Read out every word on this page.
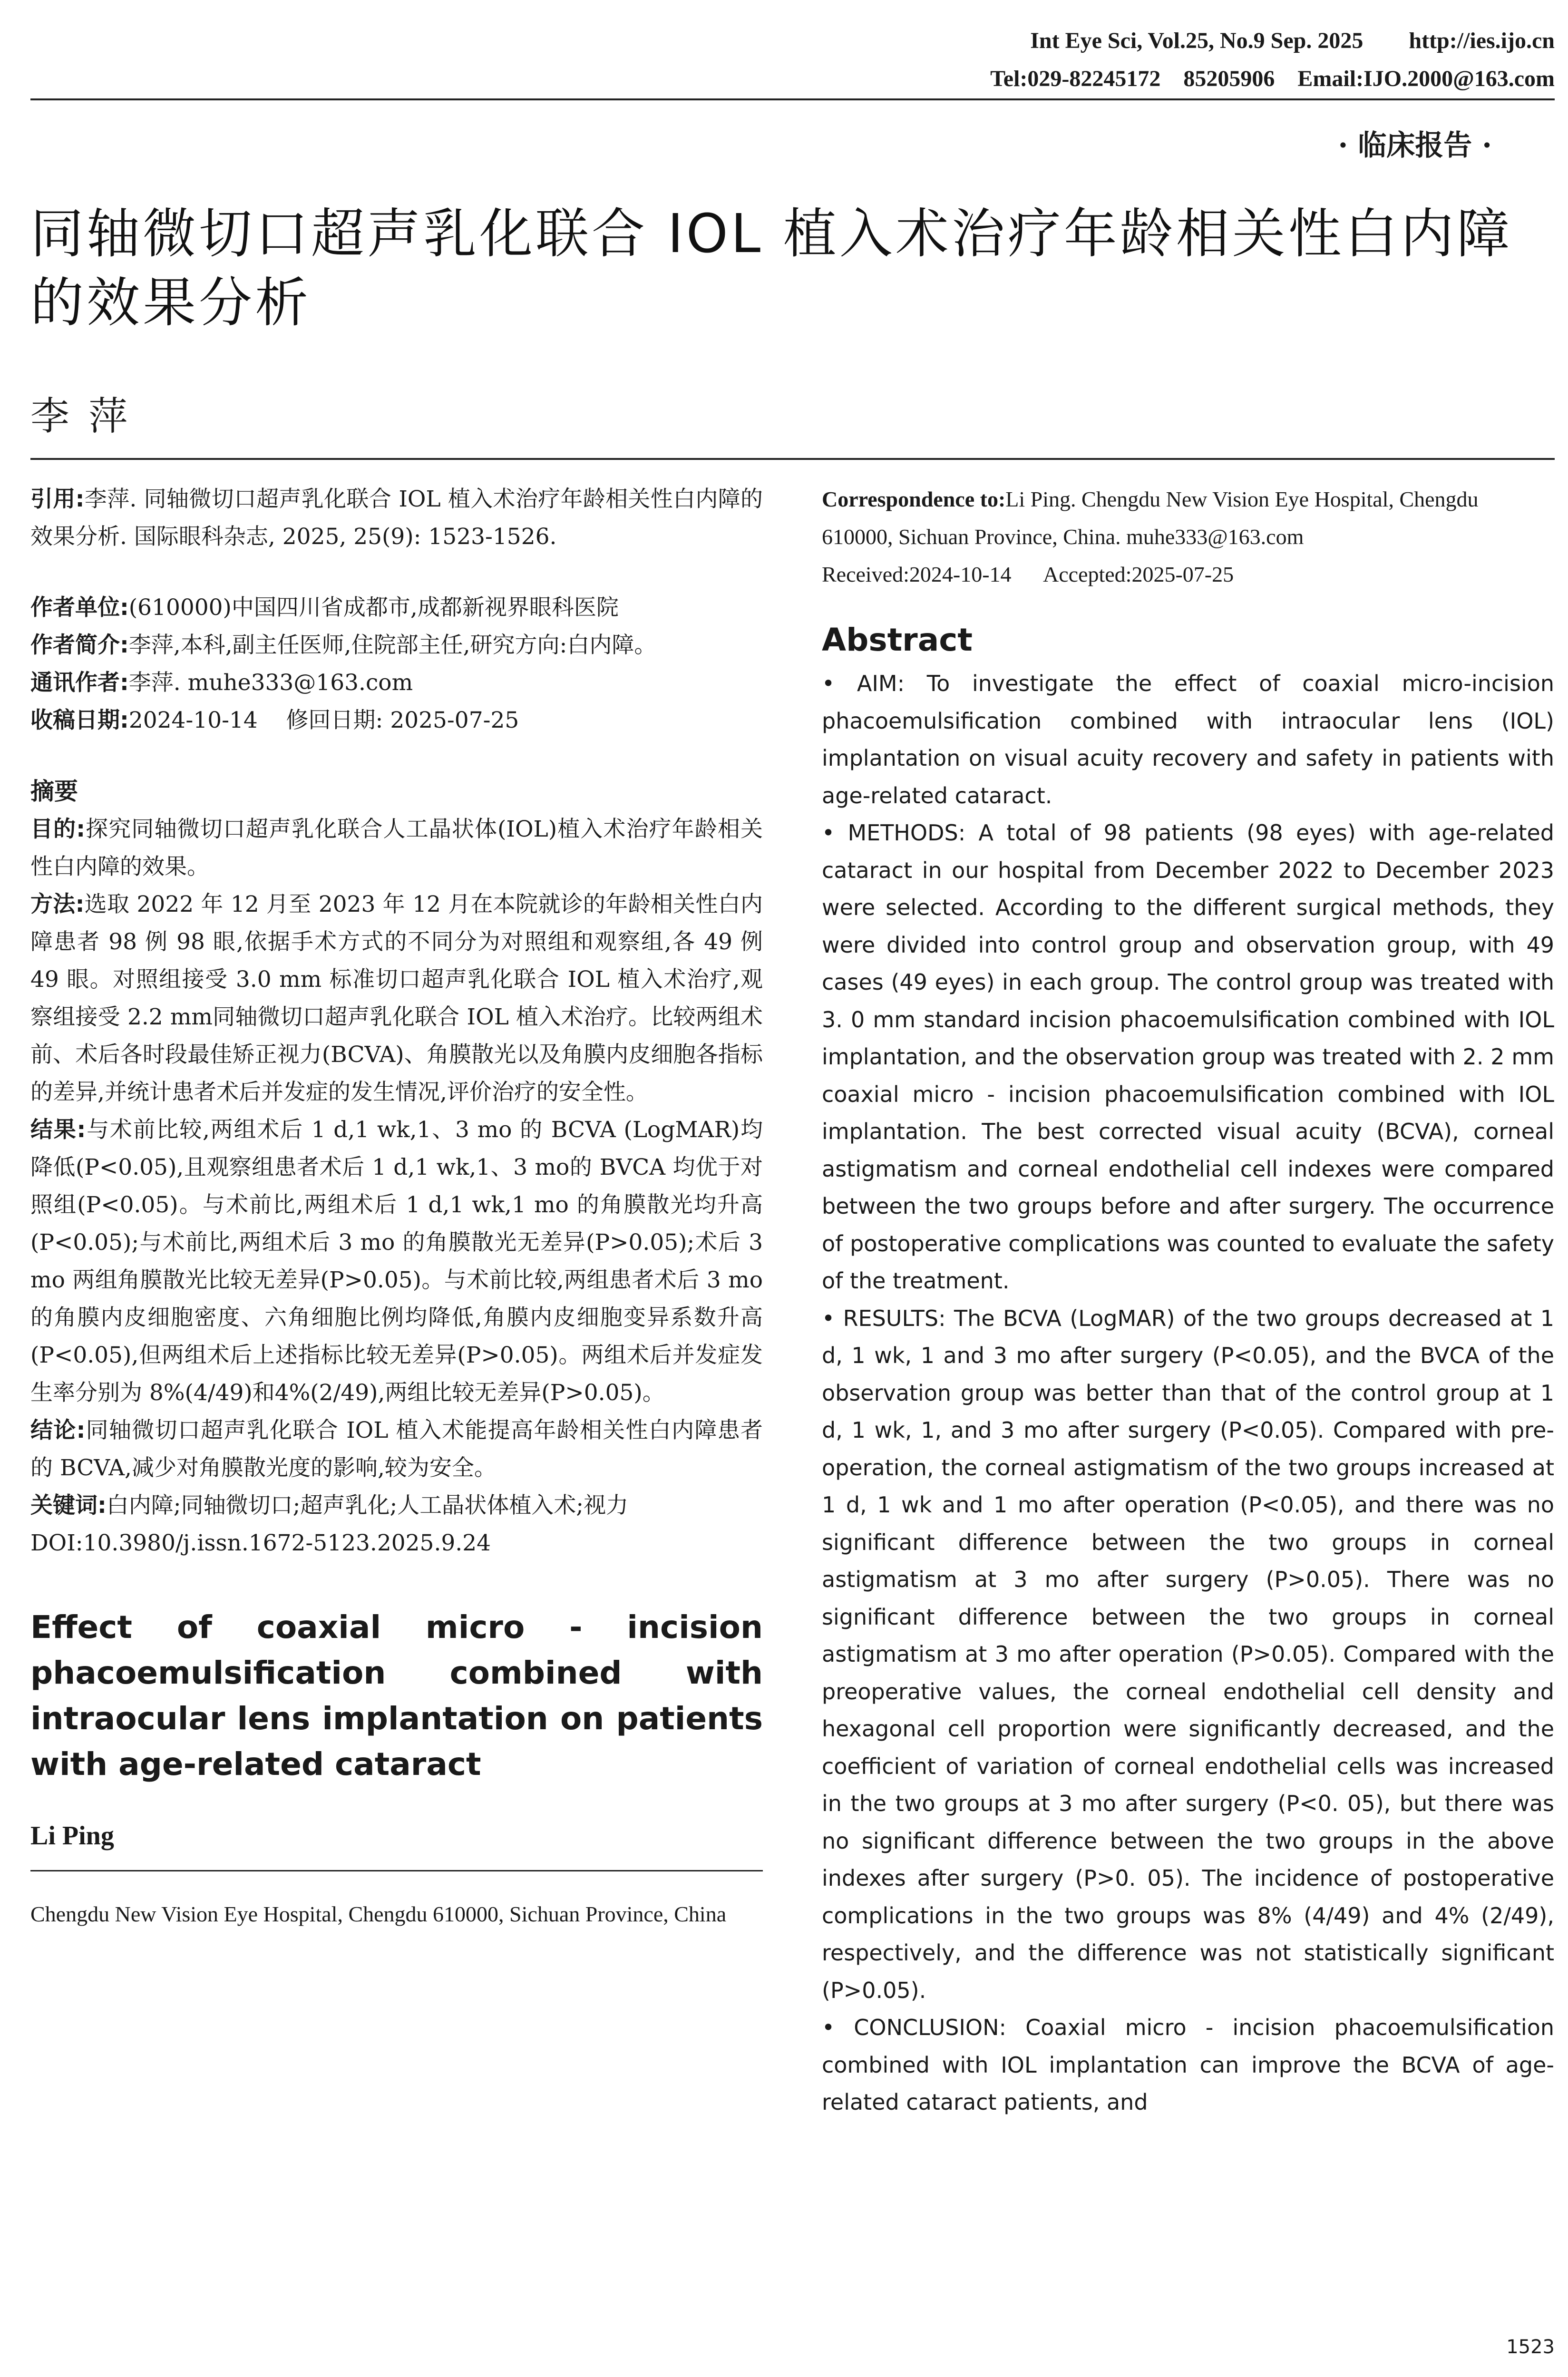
Int Eye Sci, Vol.25, No.9 Sep. 2025        http://ies.ijo.cn
Tel:029-82245172    85205906    Email:IJO.2000@163.com
· 临床报告 ·
同轴微切口超声乳化联合 IOL 植入术治疗年龄相关性白内障的效果分析
李萍

引用:李萍. 同轴微切口超声乳化联合 IOL 植入术治疗年龄相关性白内障的效果分析. 国际眼科杂志, 2025, 25(9): 1523-1526.

作者单位:(610000)中国四川省成都市,成都新视界眼科医院

作者简介:李萍,本科,副主任医师,住院部主任,研究方向:白内障。

通讯作者:李萍. muhe333@163.com

收稿日期:2024-10-14    修回日期: 2025-07-25

摘要

目的:探究同轴微切口超声乳化联合人工晶状体(IOL)植入术治疗年龄相关性白内障的效果。

方法:选取 2022 年 12 月至 2023 年 12 月在本院就诊的年龄相关性白内障患者 98 例 98 眼,依据手术方式的不同分为对照组和观察组,各 49 例 49 眼。对照组接受 3.0 mm 标准切口超声乳化联合 IOL 植入术治疗,观察组接受 2.2 mm同轴微切口超声乳化联合 IOL 植入术治疗。比较两组术前、术后各时段最佳矫正视力(BCVA)、角膜散光以及角膜内皮细胞各指标的差异,并统计患者术后并发症的发生情况,评价治疗的安全性。

结果:与术前比较,两组术后 1 d,1 wk,1、3 mo 的 BCVA (LogMAR)均降低(P<0.05),且观察组患者术后 1 d,1 wk,1、3 mo的 BVCA 均优于对照组(P<0.05)。与术前比,两组术后 1 d,1 wk,1 mo 的角膜散光均升高(P<0.05);与术前比,两组术后 3 mo 的角膜散光无差异(P>0.05);术后 3 mo 两组角膜散光比较无差异(P>0.05)。与术前比较,两组患者术后 3 mo 的角膜内皮细胞密度、六角细胞比例均降低,角膜内皮细胞变异系数升高(P<0.05),但两组术后上述指标比较无差异(P>0.05)。两组术后并发症发生率分别为 8%(4/49)和4%(2/49),两组比较无差异(P>0.05)。

结论:同轴微切口超声乳化联合 IOL 植入术能提高年龄相关性白内障患者的 BCVA,减少对角膜散光度的影响,较为安全。

关键词:白内障;同轴微切口;超声乳化;人工晶状体植入术;视力

DOI:10.3980/j.issn.1672-5123.2025.9.24

Effect of coaxial micro - incision phacoemulsification combined with intraocular lens implantation on patients with age-related cataract

Li Ping

Chengdu New Vision Eye Hospital, Chengdu 610000, Sichuan Province, China

Correspondence to:Li Ping. Chengdu New Vision Eye Hospital, Chengdu 610000, Sichuan Province, China. muhe333@163.com

Received:2024-10-14      Accepted:2025-07-25

Abstract

• AIM: To investigate the effect of coaxial micro-incision phacoemulsification combined with intraocular lens (IOL) implantation on visual acuity recovery and safety in patients with age-related cataract.

• METHODS: A total of 98 patients (98 eyes) with age-related cataract in our hospital from December 2022 to December 2023 were selected. According to the different surgical methods, they were divided into control group and observation group, with 49 cases (49 eyes) in each group. The control group was treated with 3. 0 mm standard incision phacoemulsification combined with IOL implantation, and the observation group was treated with 2. 2 mm coaxial micro - incision phacoemulsification combined with IOL implantation. The best corrected visual acuity (BCVA), corneal astigmatism and corneal endothelial cell indexes were compared between the two groups before and after surgery. The occurrence of postoperative complications was counted to evaluate the safety of the treatment.

• RESULTS: The BCVA (LogMAR) of the two groups decreased at 1 d, 1 wk, 1 and 3 mo after surgery (P<0.05), and the BVCA of the observation group was better than that of the control group at 1 d, 1 wk, 1, and 3 mo after surgery (P<0.05). Compared with pre-operation, the corneal astigmatism of the two groups increased at 1 d, 1 wk and 1 mo after operation (P<0.05), and there was no significant difference between the two groups in corneal astigmatism at 3 mo after surgery (P>0.05). There was no significant difference between the two groups in corneal astigmatism at 3 mo after operation (P>0.05). Compared with the preoperative values, the corneal endothelial cell density and hexagonal cell proportion were significantly decreased, and the coefficient of variation of corneal endothelial cells was increased in the two groups at 3 mo after surgery (P<0. 05), but there was no significant difference between the two groups in the above indexes after surgery (P>0. 05). The incidence of postoperative complications in the two groups was 8% (4/49) and 4% (2/49), respectively, and the difference was not statistically significant (P>0.05).

• CONCLUSION: Coaxial micro - incision phacoemulsification combined with IOL implantation can improve the BCVA of age-related cataract patients, and

1523
